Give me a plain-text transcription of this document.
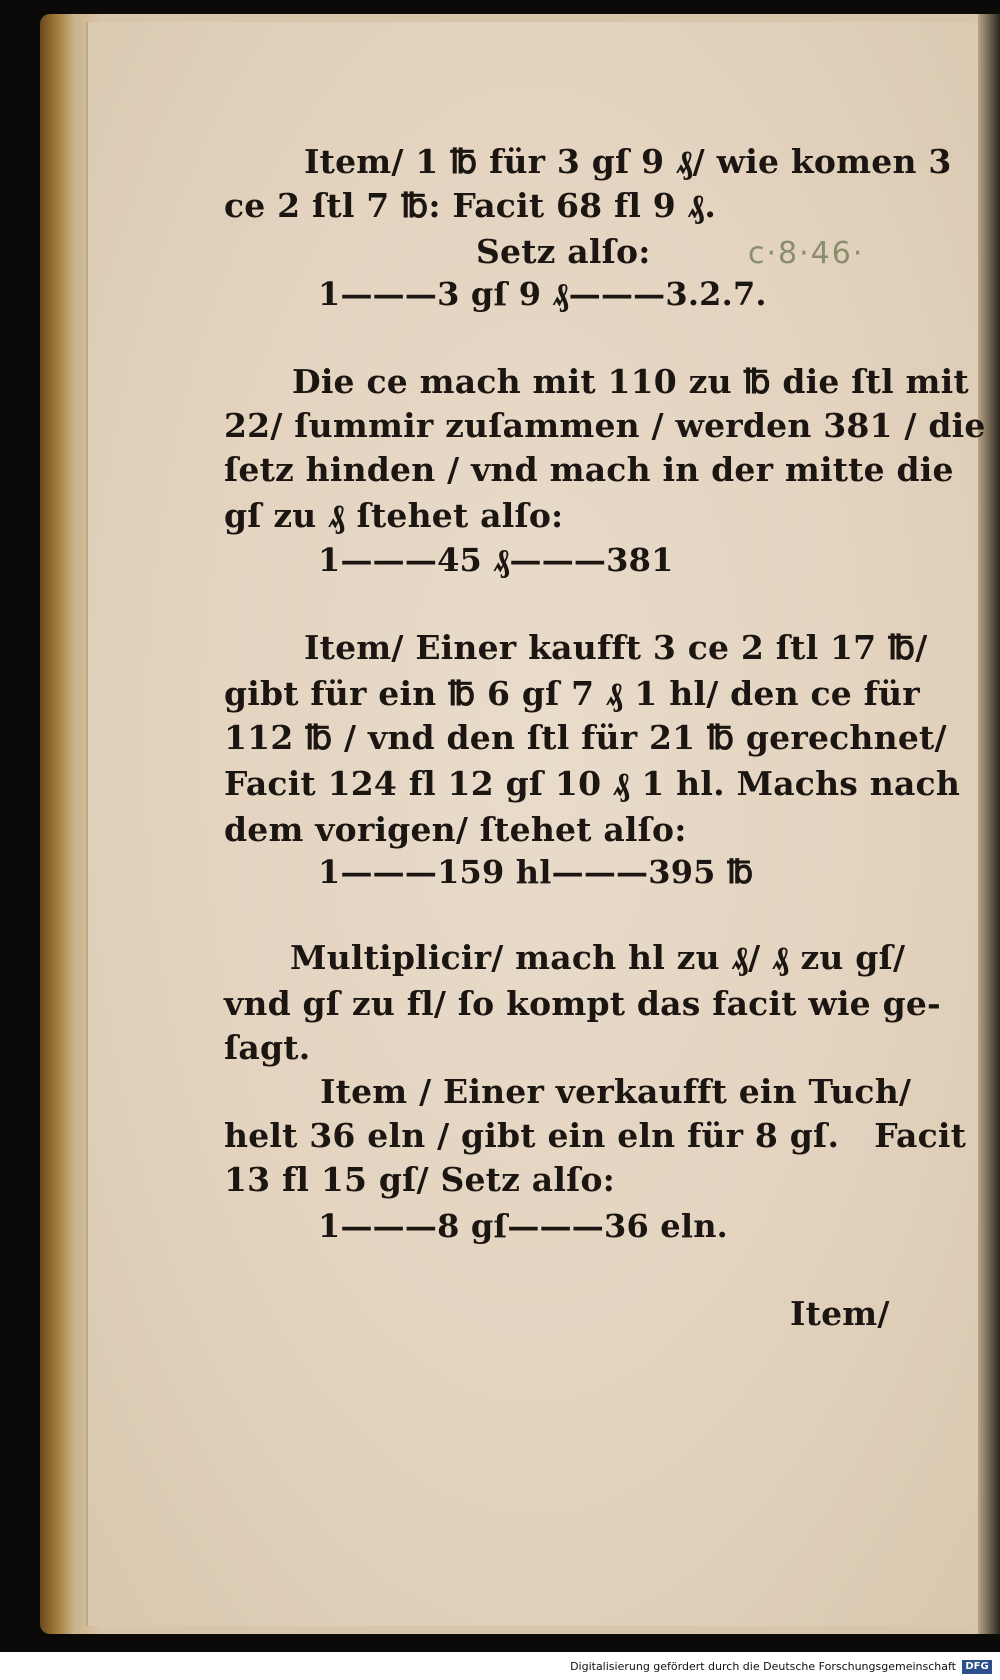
Item/ 1 ℔ für 3 gſ 9 ₰/ wie komen 3
ce 2 ſtl 7 ℔: Facit 68 fl 9 ₰.
Setz alſo:	c·8·46·
1———3 gſ 9 ₰———3.2.7.
Die ce mach mit 110 zu ℔ die ſtl mit
22/ ſummir zuſammen / werden 381 / die
ſetz hinden / vnd mach in der mitte die
gſ zu ₰ ſtehet alſo:
1———45 ₰———381
Item/ Einer kaufft 3 ce 2 ſtl 17 ℔/
gibt für ein ℔ 6 gſ 7 ₰ 1 hl/ den ce für
112 ℔ / vnd den ſtl für 21 ℔ gerechnet/
Facit 124 fl 12 gſ 10 ₰ 1 hl. Machs nach
dem vorigen/ ſtehet alſo:
1———159 hl———395 ℔
Multiplicir/ mach hl zu ₰/ ₰ zu gſ/
vnd gſ zu fl/ ſo kompt das facit wie ge-
ſagt.
Item / Einer verkaufft ein Tuch/
helt 36 eln / gibt ein eln für 8 gſ.   Facit
13 fl 15 gſ/ Setz alſo:
1———8 gſ———36 eln.
Item/
Digitalisierung gefördert durch die Deutsche Forschungsgemeinschaft DFG
